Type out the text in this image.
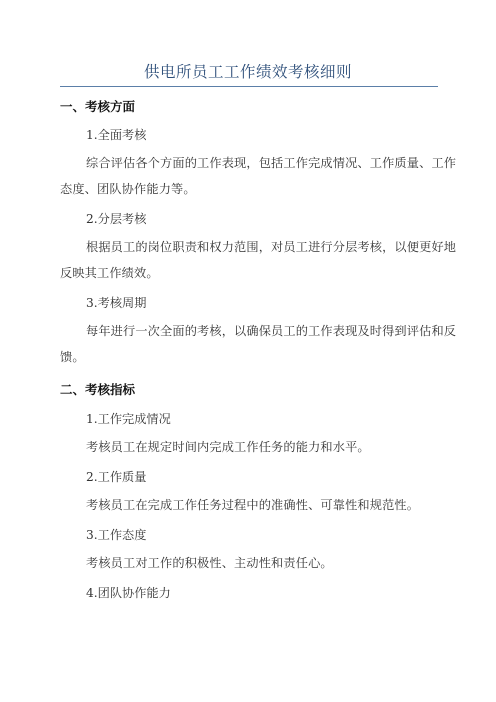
供电所员工工作绩效考核细则
一、考核方面
1.全面考核
综合评估各个方面的工作表现，包括工作完成情况、工作质量、工作
态度、团队协作能力等。
2.分层考核
根据员工的岗位职责和权力范围，对员工进行分层考核，以便更好地
反映其工作绩效。
3.考核周期
每年进行一次全面的考核，以确保员工的工作表现及时得到评估和反
馈。
二、考核指标
1.工作完成情况
考核员工在规定时间内完成工作任务的能力和水平。
2.工作质量
考核员工在完成工作任务过程中的准确性、可靠性和规范性。
3.工作态度
考核员工对工作的积极性、主动性和责任心。
4.团队协作能力
